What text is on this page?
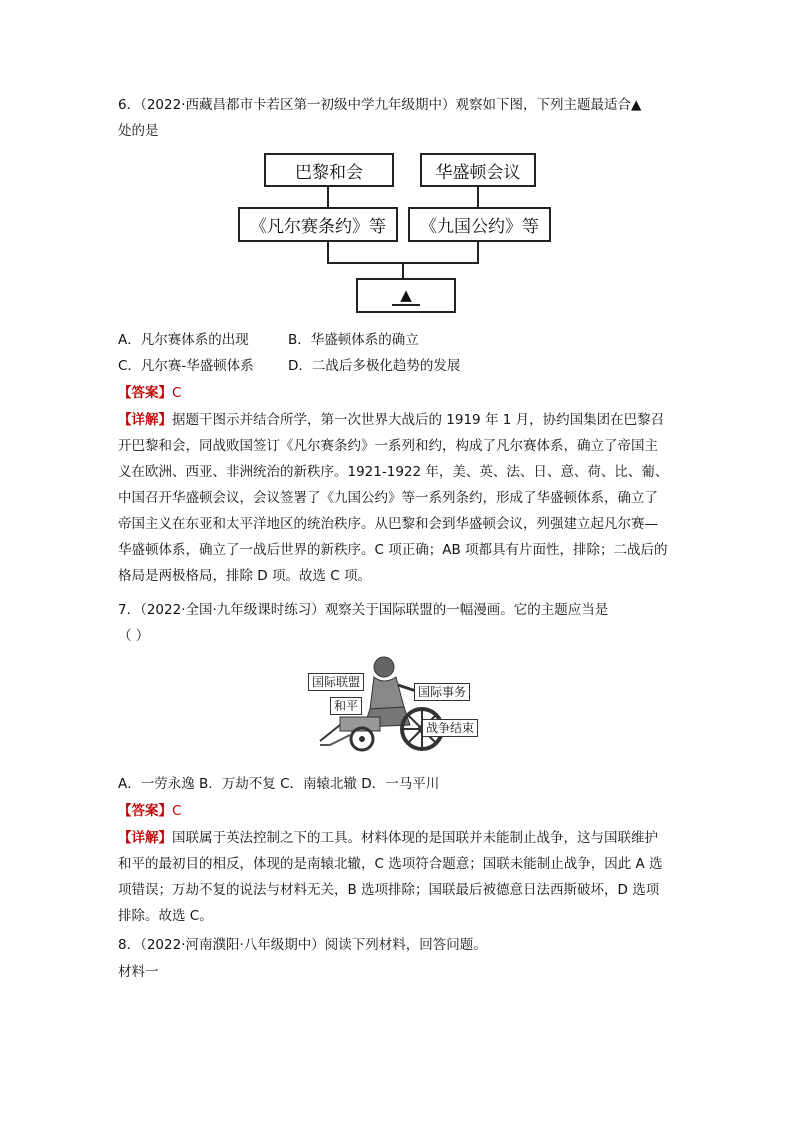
6．（2022·西藏昌都市卡若区第一初级中学九年级期中）观察如下图，下列主题最适合▲
处的是
巴黎和会	华盛顿会议
《凡尔赛条约》等	《九国公约》等
▲
A．凡尔赛体系的出现	B．华盛顿体系的确立
C．凡尔赛-华盛顿体系	D．二战后多极化趋势的发展
【答案】C
【详解】据题干图示并结合所学，第一次世界大战后的 1919 年 1 月，协约国集团在巴黎召
开巴黎和会，同战败国签订《凡尔赛条约》一系列和约，构成了凡尔赛体系，确立了帝国主
义在欧洲、西亚、非洲统治的新秩序。1921-1922 年，美、英、法、日、意、荷、比、葡、
中国召开华盛顿会议，会议签署了《九国公约》等一系列条约，形成了华盛顿体系，确立了
帝国主义在东亚和太平洋地区的统治秩序。从巴黎和会到华盛顿会议，列强建立起凡尔赛—
华盛顿体系，确立了一战后世界的新秩序。C 项正确；AB 项都具有片面性，排除；二战后的
格局是两极格局，排除 D 项。故选 C 项。
7．（2022·全国·九年级课时练习）观察关于国际联盟的一幅漫画。它的主题应当是
（ ）
国际联盟
国际事务
和平
战争结束
A．一劳永逸 B．万劫不复 C．南辕北辙 D．一马平川
【答案】C
【详解】国联属于英法控制之下的工具。材料体现的是国联并未能制止战争，这与国联维护
和平的最初目的相反，体现的是南辕北辙，C 选项符合题意；国联未能制止战争，因此 A 选
项错误；万劫不复的说法与材料无关，B 选项排除；国联最后被德意日法西斯破坏，D 选项
排除。故选 C。
8．（2022·河南濮阳·八年级期中）阅读下列材料，回答问题。
材料一
